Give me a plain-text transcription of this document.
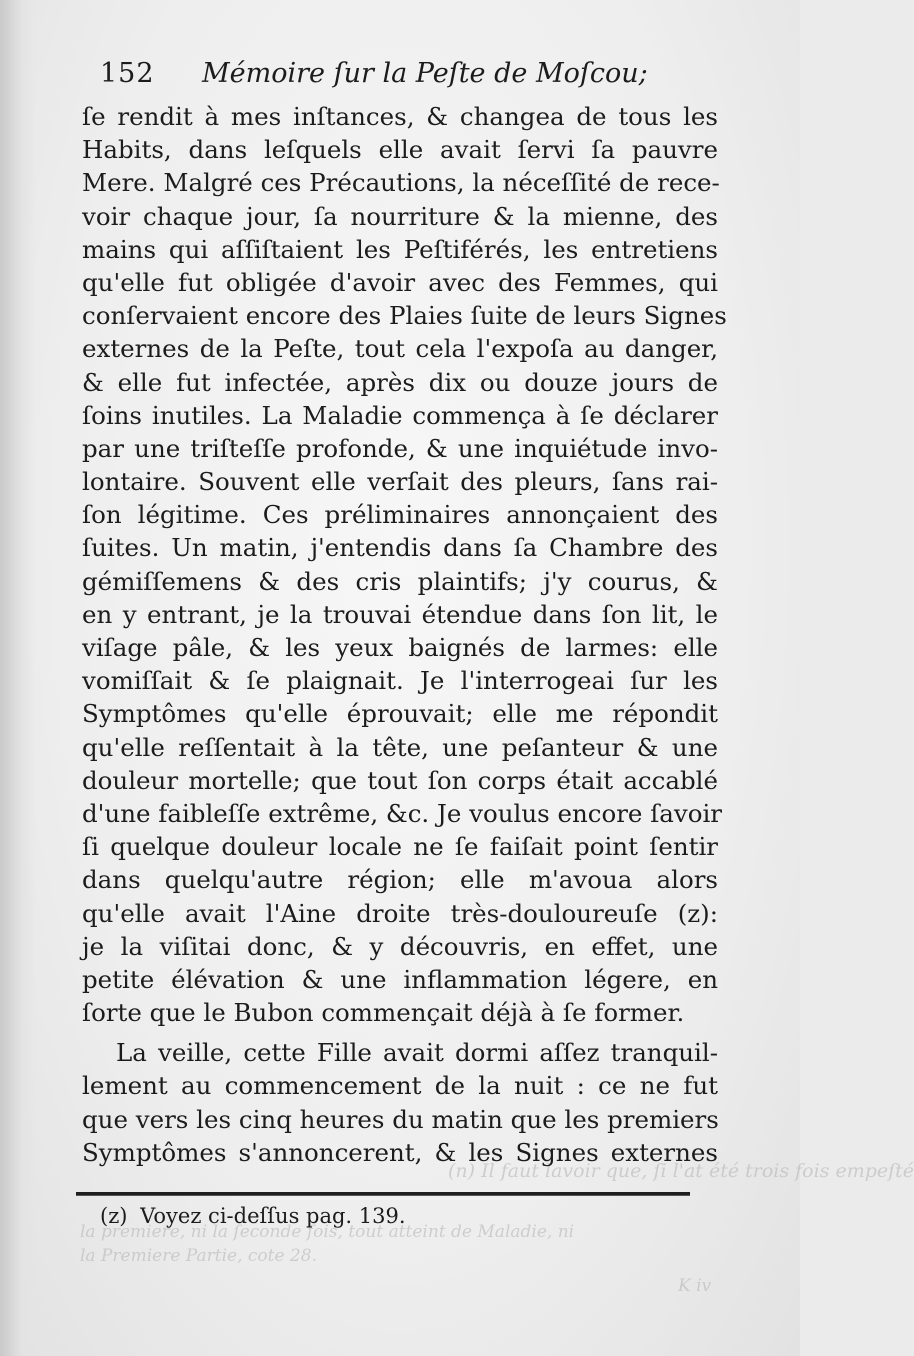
(n) Il faut lavoir que, ſi l'at été trois fois empeſté
la premiere, ni la ſeconde fois, tout atteint de Maladie, ni
la Premiere Partie, cote 28.
K iv
152 Mémoire ſur la Peſte de Moſcou;
ſe rendit à mes inſtances, & changea de tous les
Habits, dans leſquels elle avait ſervi ſa pauvre
Mere. Malgré ces Précautions, la néceſſité de rece-
voir chaque jour, ſa nourriture & la mienne, des
mains qui aſſiſtaient les Peſtiférés, les entretiens
qu'elle fut obligée d'avoir avec des Femmes, qui
conſervaient encore des Plaies ſuite de leurs Signes
externes de la Peſte, tout cela l'expoſa au danger,
& elle fut infectée, après dix ou douze jours de
ſoins inutiles. La Maladie commença à ſe déclarer
par une triſteſſe profonde, & une inquiétude invo-
lontaire. Souvent elle verſait des pleurs, ſans rai-
ſon légitime. Ces préliminaires annonçaient des
ſuites. Un matin, j'entendis dans ſa Chambre des
gémiſſemens & des cris plaintifs; j'y courus, &
en y entrant, je la trouvai étendue dans ſon lit, le
viſage pâle, & les yeux baignés de larmes: elle
vomiſſait & ſe plaignait. Je l'interrogeai ſur les
Symptômes qu'elle éprouvait; elle me répondit
qu'elle reſſentait à la tête, une peſanteur & une
douleur mortelle; que tout ſon corps était accablé
d'une faibleſſe extrême, &c. Je voulus encore ſavoir
ſi quelque douleur locale ne ſe faiſait point ſentir
dans quelqu'autre région; elle m'avoua alors
qu'elle avait l'Aine droite très-douloureuſe (z):
je la viſitai donc, & y découvris, en effet, une
petite élévation & une inflammation légere, en
ſorte que le Bubon commençait déjà à ſe former.
La veille, cette Fille avait dormi aſſez tranquil-
lement au commencement de la nuit : ce ne fut
que vers les cinq heures du matin que les premiers
Symptômes s'annoncerent, & les Signes externes
(z) Voyez ci-deſſus pag. 139.
